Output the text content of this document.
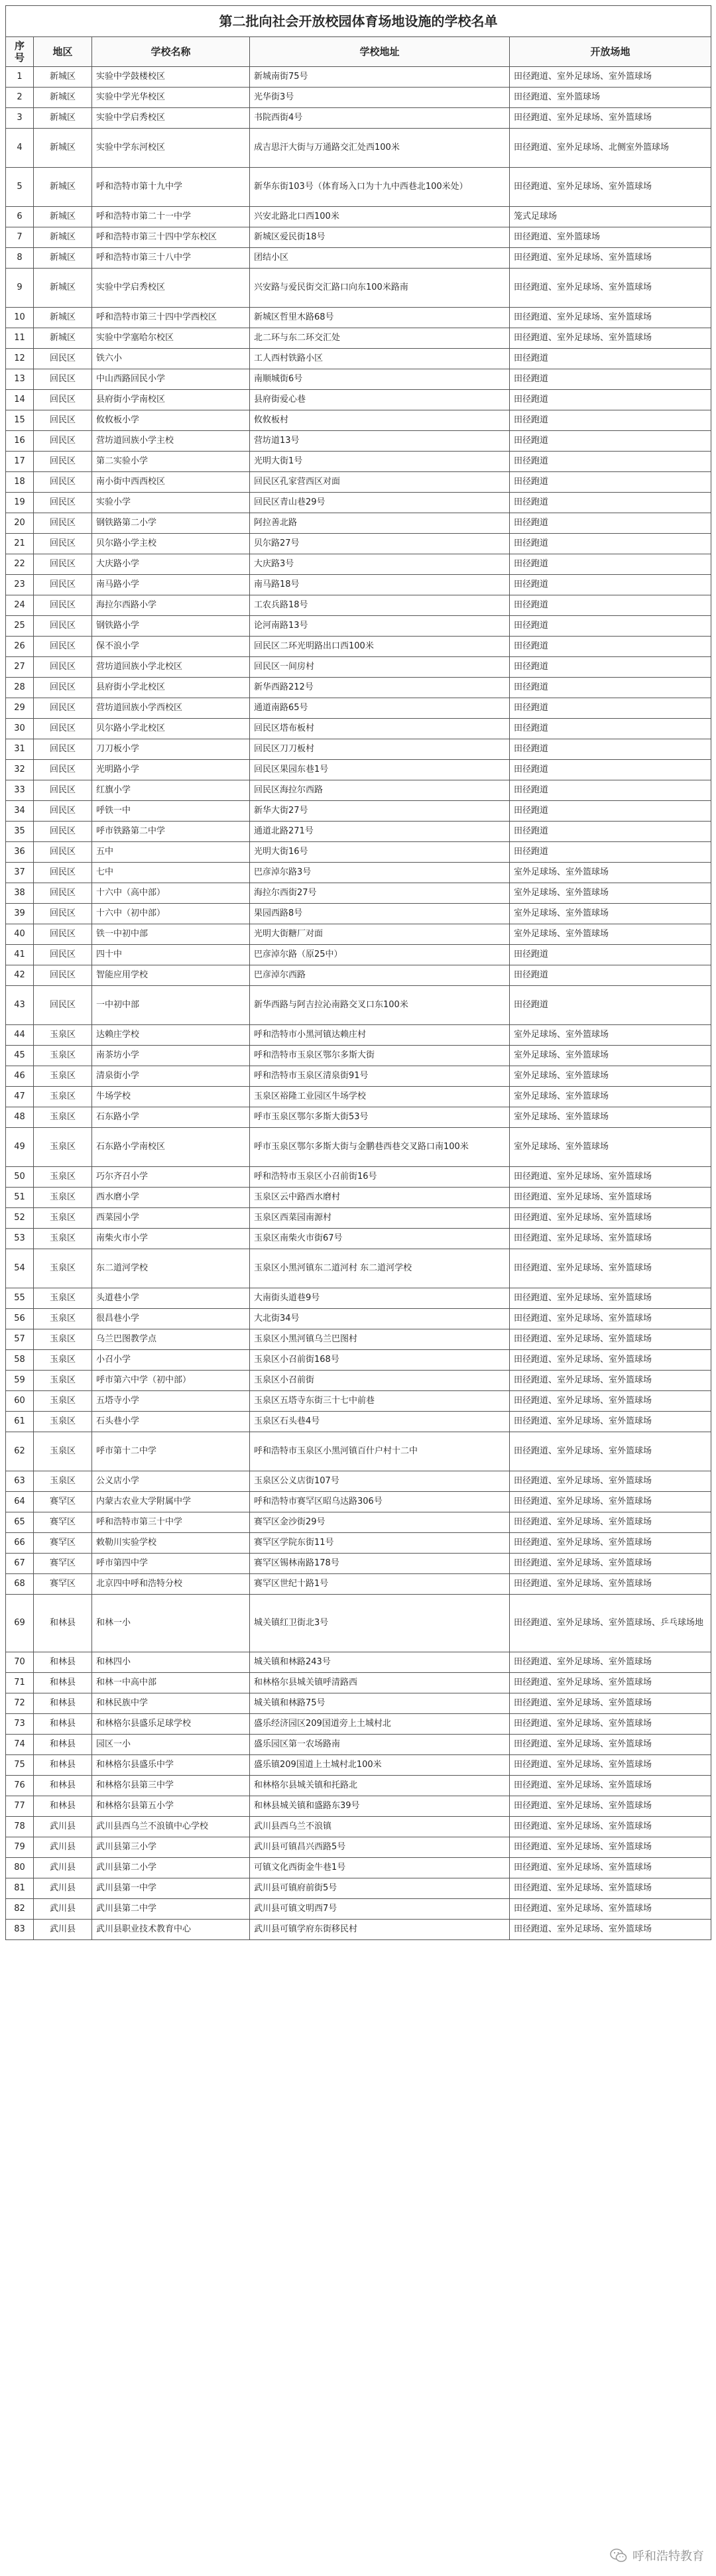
第二批向社会开放校园体育场地设施的学校名单				
序号	地区	学校名称	学校地址	开放场地
1	新城区	实验中学鼓楼校区	新城南街75号	田径跑道、室外足球场、室外篮球场
2	新城区	实验中学光华校区	光华街3号	田径跑道、室外篮球场
3	新城区	实验中学启秀校区	书院西街4号	田径跑道、室外足球场、室外篮球场
4	新城区	实验中学东河校区	成吉思汗大街与万通路交汇处西100米	田径跑道、室外足球场、北侧室外篮球场
5	新城区	呼和浩特市第十九中学	新华东街103号（体育场入口为十九中西巷北100米处）	田径跑道、室外足球场、室外篮球场
6	新城区	呼和浩特市第二十一中学	兴安北路北口西100米	笼式足球场
7	新城区	呼和浩特市第三十四中学东校区	新城区爱民街18号	田径跑道、室外篮球场
8	新城区	呼和浩特市第三十八中学	团结小区	田径跑道、室外足球场、室外篮球场
9	新城区	实验中学启秀校区	兴安路与爱民街交汇路口向东100米路南	田径跑道、室外足球场、室外篮球场
10	新城区	呼和浩特市第三十四中学西校区	新城区哲里木路68号	田径跑道、室外足球场、室外篮球场
11	新城区	实验中学塞哈尔校区	北二环与东二环交汇处	田径跑道、室外足球场、室外篮球场
12	回民区	铁六小	工人西村铁路小区	田径跑道
13	回民区	中山西路回民小学	南顺城街6号	田径跑道
14	回民区	县府街小学南校区	县府街爱心巷	田径跑道
15	回民区	攸攸板小学	攸攸板村	田径跑道
16	回民区	营坊道回族小学主校	营坊道13号	田径跑道
17	回民区	第二实验小学	光明大街1号	田径跑道
18	回民区	南小街中西西校区	回民区孔家营西区对面	田径跑道
19	回民区	实验小学	回民区青山巷29号	田径跑道
20	回民区	钢铁路第二小学	阿拉善北路	田径跑道
21	回民区	贝尔路小学主校	贝尔路27号	田径跑道
22	回民区	大庆路小学	大庆路3号	田径跑道
23	回民区	南马路小学	南马路18号	田径跑道
24	回民区	海拉尔西路小学	工农兵路18号	田径跑道
25	回民区	钢铁路小学	论河南路13号	田径跑道
26	回民区	保不浪小学	回民区二环光明路出口西100米	田径跑道
27	回民区	营坊道回族小学北校区	回民区一间房村	田径跑道
28	回民区	县府街小学北校区	新华西路212号	田径跑道
29	回民区	营坊道回族小学西校区	通道南路65号	田径跑道
30	回民区	贝尔路小学北校区	回民区塔布板村	田径跑道
31	回民区	刀刀板小学	回民区刀刀板村	田径跑道
32	回民区	光明路小学	回民区果园东巷1号	田径跑道
33	回民区	红旗小学	回民区海拉尔西路	田径跑道
34	回民区	呼铁一中	新华大街27号	田径跑道
35	回民区	呼市铁路第二中学	通道北路271号	田径跑道
36	回民区	五中	光明大街16号	田径跑道
37	回民区	七中	巴彦淖尔路3号	室外足球场、室外篮球场
38	回民区	十六中（高中部）	海拉尔西街27号	室外足球场、室外篮球场
39	回民区	十六中（初中部）	果园西路8号	室外足球场、室外篮球场
40	回民区	铁一中初中部	光明大街糖厂对面	室外足球场、室外篮球场
41	回民区	四十中	巴彦淖尔路（原25中）	田径跑道
42	回民区	智能应用学校	巴彦淖尔西路	田径跑道
43	回民区	一中初中部	新华西路与阿吉拉沁南路交叉口东100米	田径跑道
44	玉泉区	达赖庄学校	呼和浩特市小黑河镇达赖庄村	室外足球场、室外篮球场
45	玉泉区	南茶坊小学	呼和浩特市玉泉区鄂尔多斯大街	室外足球场、室外篮球场
46	玉泉区	清泉街小学	呼和浩特市玉泉区清泉街91号	室外足球场、室外篮球场
47	玉泉区	牛场学校	玉泉区裕隆工业园区牛场学校	室外足球场、室外篮球场
48	玉泉区	石东路小学	呼市玉泉区鄂尔多斯大街53号	室外足球场、室外篮球场
49	玉泉区	石东路小学南校区	呼市玉泉区鄂尔多斯大街与金鹏巷西巷交叉路口南100米	室外足球场、室外篮球场
50	玉泉区	巧尔齐召小学	呼和浩特市玉泉区小召前街16号	田径跑道、室外足球场、室外篮球场
51	玉泉区	西水磨小学	玉泉区云中路西水磨村	田径跑道、室外足球场、室外篮球场
52	玉泉区	西菜园小学	玉泉区西菜园南源村	田径跑道、室外足球场、室外篮球场
53	玉泉区	南柴火市小学	玉泉区南柴火市街67号	田径跑道、室外足球场、室外篮球场
54	玉泉区	东二道河学校	玉泉区小黑河镇东二道河村 东二道河学校	田径跑道、室外足球场、室外篮球场
55	玉泉区	头道巷小学	大南街头道巷9号	田径跑道、室外足球场、室外篮球场
56	玉泉区	很昌巷小学	大北街34号	田径跑道、室外足球场、室外篮球场
57	玉泉区	乌兰巴图教学点	玉泉区小黑河镇乌兰巴图村	田径跑道、室外足球场、室外篮球场
58	玉泉区	小召小学	玉泉区小召前街168号	田径跑道、室外足球场、室外篮球场
59	玉泉区	呼市第六中学（初中部）	玉泉区小召前街	田径跑道、室外足球场、室外篮球场
60	玉泉区	五塔寺小学	玉泉区五塔寺东街三十七中前巷	田径跑道、室外足球场、室外篮球场
61	玉泉区	石头巷小学	玉泉区石头巷4号	田径跑道、室外足球场、室外篮球场
62	玉泉区	呼市第十二中学	呼和浩特市玉泉区小黑河镇百什户村十二中	田径跑道、室外足球场、室外篮球场
63	玉泉区	公义店小学	玉泉区公义店街107号	田径跑道、室外足球场、室外篮球场
64	赛罕区	内蒙古农业大学附属中学	呼和浩特市赛罕区昭乌达路306号	田径跑道、室外足球场、室外篮球场
65	赛罕区	呼和浩特市第三十中学	赛罕区金沙街29号	田径跑道、室外足球场、室外篮球场
66	赛罕区	敕勒川实验学校	赛罕区学院东街11号	田径跑道、室外足球场、室外篮球场
67	赛罕区	呼市第四中学	赛罕区锡林南路178号	田径跑道、室外足球场、室外篮球场
68	赛罕区	北京四中呼和浩特分校	赛罕区世纪十路1号	田径跑道、室外足球场、室外篮球场
69	和林县	和林一小	城关镇红卫街北3号	田径跑道、室外足球场、室外篮球场、乒乓球场地
70	和林县	和林四小	城关镇和林路243号	田径跑道、室外足球场、室外篮球场
71	和林县	和林一中高中部	和林格尔县城关镇呼清路西	田径跑道、室外足球场、室外篮球场
72	和林县	和林民族中学	城关镇和林路75号	田径跑道、室外足球场、室外篮球场
73	和林县	和林格尔县盛乐足球学校	盛乐经济园区209国道旁上土城村北	田径跑道、室外足球场、室外篮球场
74	和林县	园区一小	盛乐园区第一农场路南	田径跑道、室外足球场、室外篮球场
75	和林县	和林格尔县盛乐中学	盛乐镇209国道上土城村北100米	田径跑道、室外足球场、室外篮球场
76	和林县	和林格尔县第三中学	和林格尔县城关镇和托路北	田径跑道、室外足球场、室外篮球场
77	和林县	和林格尔县第五小学	和林县城关镇和盛路东39号	田径跑道、室外足球场、室外篮球场
78	武川县	武川县西乌兰不浪镇中心学校	武川县西乌兰不浪镇	田径跑道、室外足球场、室外篮球场
79	武川县	武川县第三小学	武川县可镇昌兴西路5号	田径跑道、室外足球场、室外篮球场
80	武川县	武川县第二小学	可镇文化西街金牛巷1号	田径跑道、室外足球场、室外篮球场
81	武川县	武川县第一中学	武川县可镇府前街5号	田径跑道、室外足球场、室外篮球场
82	武川县	武川县第二中学	武川县可镇文明西7号	田径跑道、室外足球场、室外篮球场
83	武川县	武川县职业技术教育中心	武川县可镇学府东街移民村	田径跑道、室外足球场、室外篮球场
呼和浩特教育
